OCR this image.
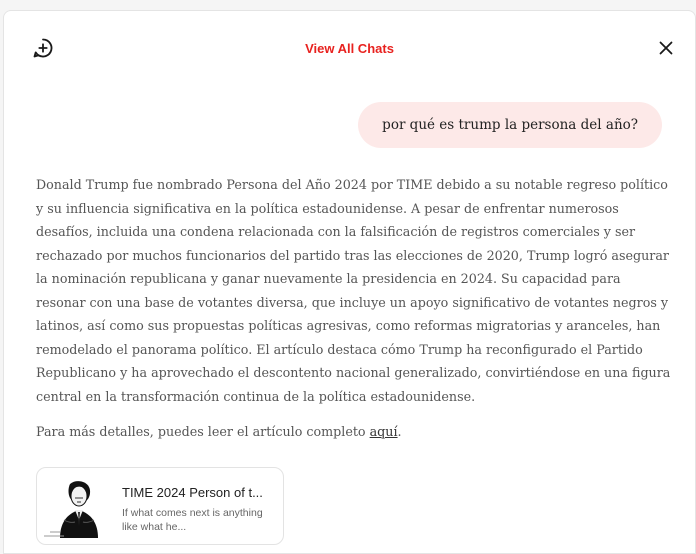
View All Chats
por qué es trump la persona del año?

Donald Trump fue nombrado Persona del Año 2024 por TIME debido a su notable regreso político y su influencia significativa en la política estadounidense. A pesar de enfrentar numerosos desafíos, incluida una condena relacionada con la falsificación de registros comerciales y ser rechazado por muchos funcionarios del partido tras las elecciones de 2020, Trump logró asegurar la nominación republicana y ganar nuevamente la presidencia en 2024. Su capacidad para resonar con una base de votantes diversa, que incluye un apoyo significativo de votantes negros y latinos, así como sus propuestas políticas agresivas, como reformas migratorias y aranceles, han remodelado el panorama político. El artículo destaca cómo Trump ha reconfigurado el Partido Republicano y ha aprovechado el descontento nacional generalizado, convirtiéndose en una figura central en la transformación continua de la política estadounidense.

Para más detalles, puedes leer el artículo completo aquí.
TIME 2024 Person of t...
If what comes next is anything like what he...
